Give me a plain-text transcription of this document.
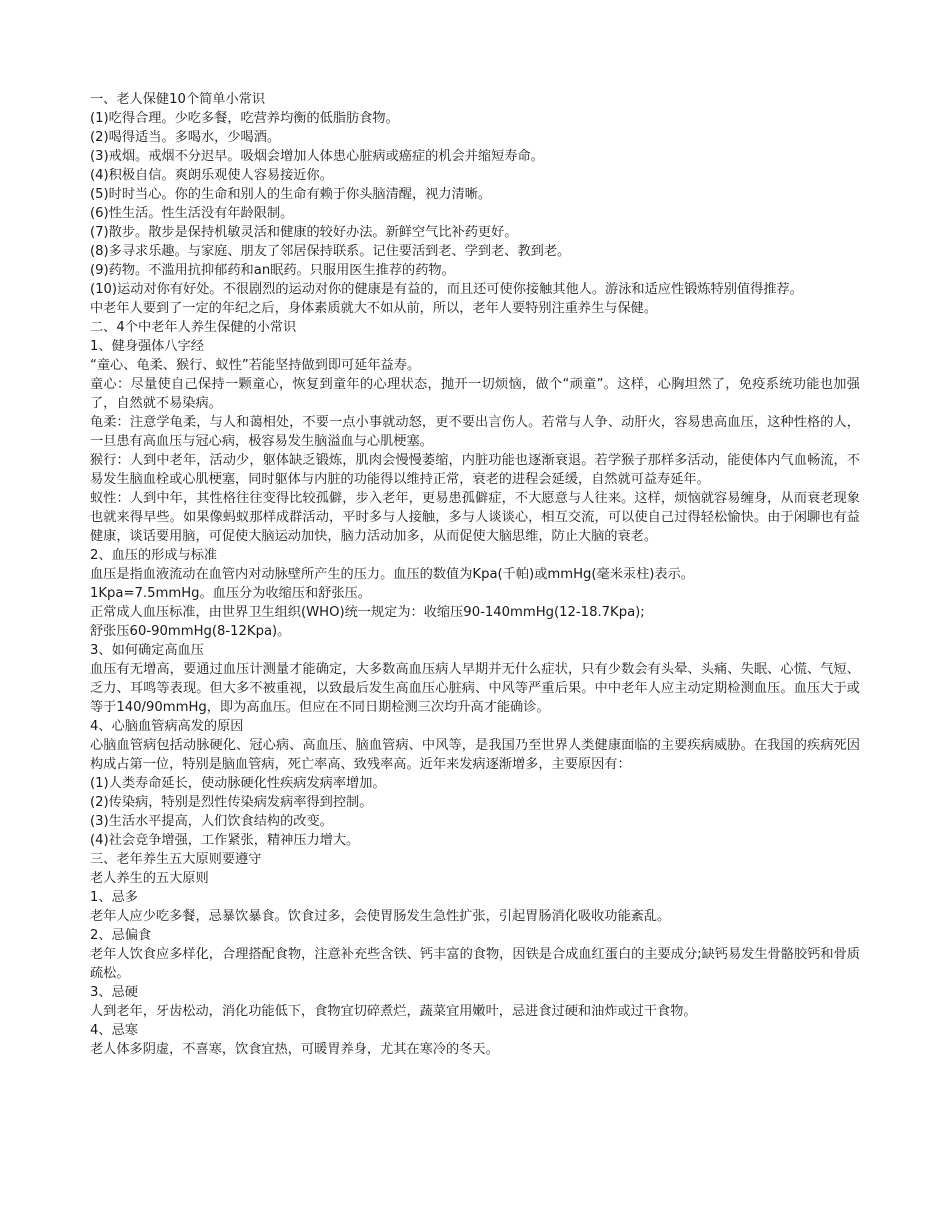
一、老人保健10个简单小常识

(1)吃得合理。少吃多餐，吃营养均衡的低脂肪食物。

(2)喝得适当。多喝水，少喝酒。

(3)戒烟。戒烟不分迟早。吸烟会增加人体患心脏病或癌症的机会并缩短寿命。

(4)积极自信。爽朗乐观使人容易接近你。

(5)时时当心。你的生命和别人的生命有赖于你头脑清醒，视力清晰。

(6)性生活。性生活没有年龄限制。

(7)散步。散步是保持机敏灵活和健康的较好办法。新鲜空气比补药更好。

(8)多寻求乐趣。与家庭、朋友了邻居保持联系。记住要活到老、学到老、教到老。

(9)药物。不滥用抗抑郁药和an眠药。只服用医生推荐的药物。

(10)运动对你有好处。不很剧烈的运动对你的健康是有益的，而且还可使你接触其他人。游泳和适应性锻炼特别值得推荐。

中老年人要到了一定的年纪之后，身体素质就大不如从前，所以，老年人要特别注重养生与保健。

二、4个中老年人养生保健的小常识

1、健身强体八字经

“童心、龟柔、猴行、蚁性”若能坚持做到即可延年益寿。

童心：尽量使自己保持一颗童心，恢复到童年的心理状态，抛开一切烦恼，做个“顽童”。这样，心胸坦然了，免疫系统功能也加强了，自然就不易染病。

龟柔：注意学龟柔，与人和蔼相处，不要一点小事就动怒，更不要出言伤人。若常与人争、动肝火，容易患高血压，这种性格的人，一旦患有高血压与冠心病，极容易发生脑溢血与心肌梗塞。

猴行：人到中老年，活动少，躯体缺乏锻炼，肌肉会慢慢萎缩，内脏功能也逐渐衰退。若学猴子那样多活动，能使体内气血畅流，不易发生脑血栓或心肌梗塞，同时躯体与内脏的功能得以维持正常，衰老的进程会延缓，自然就可益寿延年。

蚁性：人到中年，其性格往往变得比较孤僻，步入老年，更易患孤僻症，不大愿意与人往来。这样，烦恼就容易缠身，从而衰老现象也就来得早些。如果像蚂蚁那样成群活动，平时多与人接触，多与人谈谈心，相互交流，可以使自己过得轻松愉快。由于闲聊也有益健康，谈话要用脑，可促使大脑运动加快，脑力活动加多，从而促使大脑思维，防止大脑的衰老。

2、血压的形成与标准

血压是指血液流动在血管内对动脉壁所产生的压力。血压的数值为Kpa(千帕)或mmHg(毫米汞柱)表示。

1Kpa=7.5mmHg。血压分为收缩压和舒张压。

正常成人血压标准，由世界卫生组织(WHO)统一规定为：收缩压90-140mmHg(12-18.7Kpa);

舒张压60-90mmHg(8-12Kpa)。

3、如何确定高血压

血压有无增高，要通过血压计测量才能确定，大多数高血压病人早期并无什么症状，只有少数会有头晕、头痛、失眠、心慌、气短、乏力、耳鸣等表现。但大多不被重视，以致最后发生高血压心脏病、中风等严重后果。中中老年人应主动定期检测血压。血压大于或等于140/90mmHg，即为高血压。但应在不同日期检测三次均升高才能确诊。

4、心脑血管病高发的原因

心脑血管病包括动脉硬化、冠心病、高血压、脑血管病、中风等，是我国乃至世界人类健康面临的主要疾病威胁。在我国的疾病死因构成占第一位，特别是脑血管病，死亡率高、致残率高。近年来发病逐渐增多，主要原因有：

(1)人类寿命延长，使动脉硬化性疾病发病率增加。

(2)传染病，特别是烈性传染病发病率得到控制。

(3)生活水平提高，人们饮食结构的改变。

(4)社会竞争增强，工作紧张，精神压力增大。

三、老年养生五大原则要遵守

老人养生的五大原则

1、忌多

老年人应少吃多餐，忌暴饮暴食。饮食过多，会使胃肠发生急性扩张，引起胃肠消化吸收功能紊乱。

2、忌偏食

老年人饮食应多样化，合理搭配食物，注意补充些含铁、钙丰富的食物，因铁是合成血红蛋白的主要成分;缺钙易发生骨骼胶钙和骨质疏松。

3、忌硬

人到老年，牙齿松动，消化功能低下，食物宜切碎煮烂，蔬菜宜用嫩叶，忌进食过硬和油炸或过干食物。

4、忌寒

老人体多阴虚，不喜寒，饮食宜热，可暖胃养身，尤其在寒冷的冬天。
